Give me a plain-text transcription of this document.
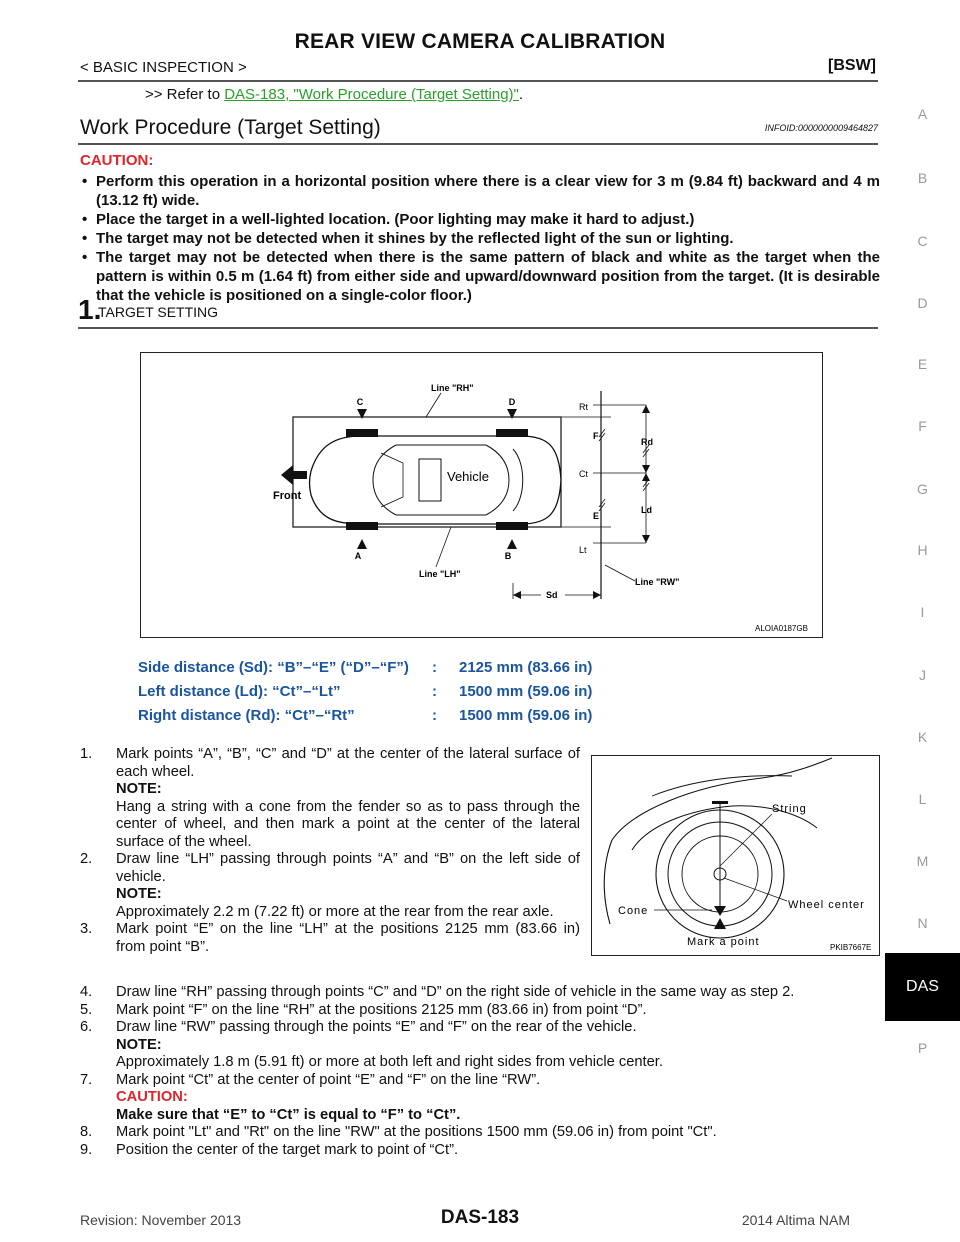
REAR VIEW CAMERA CALIBRATION
< BASIC INSPECTION >	[BSW]
>> Refer to DAS-183, "Work Procedure (Target Setting)".
Work Procedure (Target Setting)	INFOID:0000000009464827
CAUTION:
• Perform this operation in a horizontal position where there is a clear view for 3 m (9.84 ft) backward and 4 m (13.12 ft) wide.
• Place the target in a well-lighted location. (Poor lighting may make it hard to adjust.)
• The target may not be detected when it shines by the reflected light of the sun or lighting.
• The target may not be detected when there is the same pattern of black and white as the target when the pattern is within 0.5 m (1.64 ft) from either side and upward/downward position from the target. (It is desirable that the vehicle is positioned on a single-color floor.)
1.
TARGET SETTING
C	D
A	B
Line "RH"
Line "LH"
Vehicle
Front
Rt
Ct
Lt
F
E
Rd
Ld
Line "RW"
Sd
ALOIA0187GB
Side distance (Sd): “B”–“E” (“D”–“F”) : 2125 mm (83.66 in)
Left distance (Ld): “Ct”–“Lt”	: 1500 mm (59.06 in)
Right distance (Rd): “Ct”–“Rt”	: 1500 mm (59.06 in)
1. Mark points “A”, “B”, “C” and “D” at the center of the lateral surface of each wheel.
NOTE:
Hang a string with a cone from the fender so as to pass through the center of wheel, and then mark a point at the center of the lateral surface of the wheel.
2. Draw line “LH” passing through points “A” and “B” on the left side of vehicle.
NOTE:
Approximately 2.2 m (7.22 ft) or more at the rear from the rear axle.
3. Mark point “E” on the line “LH” at the positions 2125 mm (83.66 in) from point “B”.
4. Draw line “RH” passing through points “C” and “D” on the right side of vehicle in the same way as step 2.
5. Mark point “F” on the line “RH” at the positions 2125 mm (83.66 in) from point “D”.
6. Draw line “RW” passing through the points “E” and “F” on the rear of the vehicle.
NOTE:
Approximately 1.8 m (5.91 ft) or more at both left and right sides from vehicle center.
7. Mark point “Ct” at the center of point “E” and “F” on the line “RW”.
CAUTION:
Make sure that “E” to “Ct” is equal to “F” to “Ct”.
8. Mark point "Lt" and "Rt" on the line "RW" at the positions 1500 mm (59.06 in) from point "Ct".
9. Position the center of the target mark to point of “Ct”.
String
Wheel center
Cone
Mark a point	PKIB7667E
A
B
C
D
E
F
G
H
I
J
K
L
M
N
DAS
P
Revision: November 2013	DAS-183	2014 Altima NAM
